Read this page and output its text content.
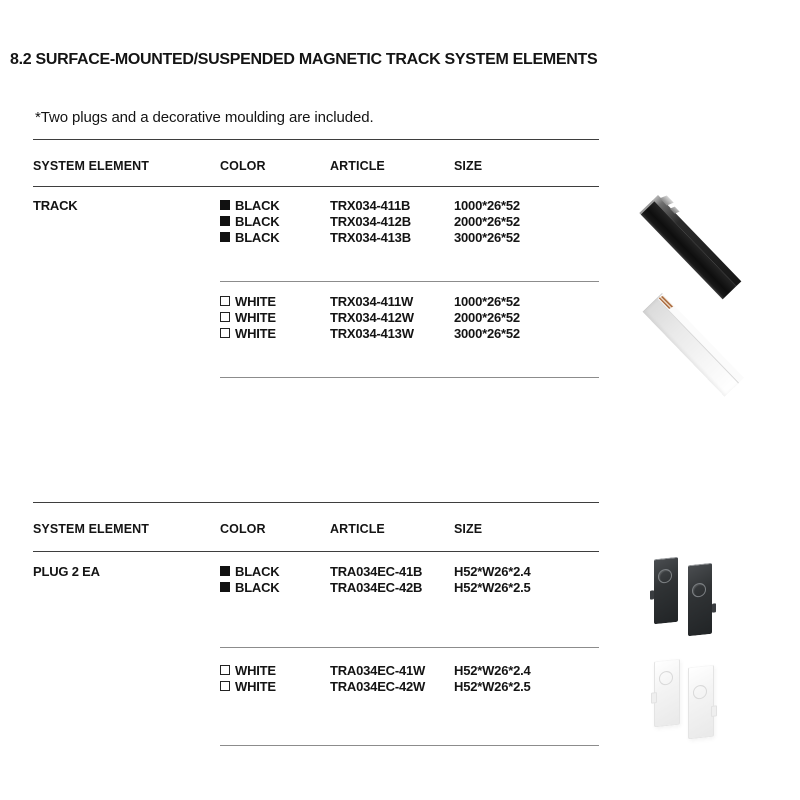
8.2 SURFACE-MOUNTED/SUSPENDED MAGNETIC TRACK SYSTEM ELEMENTS

*Two plugs and a decorative moulding are included.

SYSTEM ELEMENT	COLOR	ARTICLE	SIZE
TRACK	BLACK	TRX034-411B	1000*26*52
BLACK	TRX034-412B	2000*26*52
BLACK	TRX034-413B	3000*26*52
WHITE	TRX034-411W	1000*26*52
WHITE	TRX034-412W	2000*26*52
WHITE	TRX034-413W	3000*26*52
SYSTEM ELEMENT	COLOR	ARTICLE	SIZE
PLUG 2 EA	BLACK	TRA034EC-41B	H52*W26*2.4
BLACK	TRA034EC-42B	H52*W26*2.5
WHITE	TRA034EC-41W	H52*W26*2.4
WHITE	TRA034EC-42W	H52*W26*2.5
